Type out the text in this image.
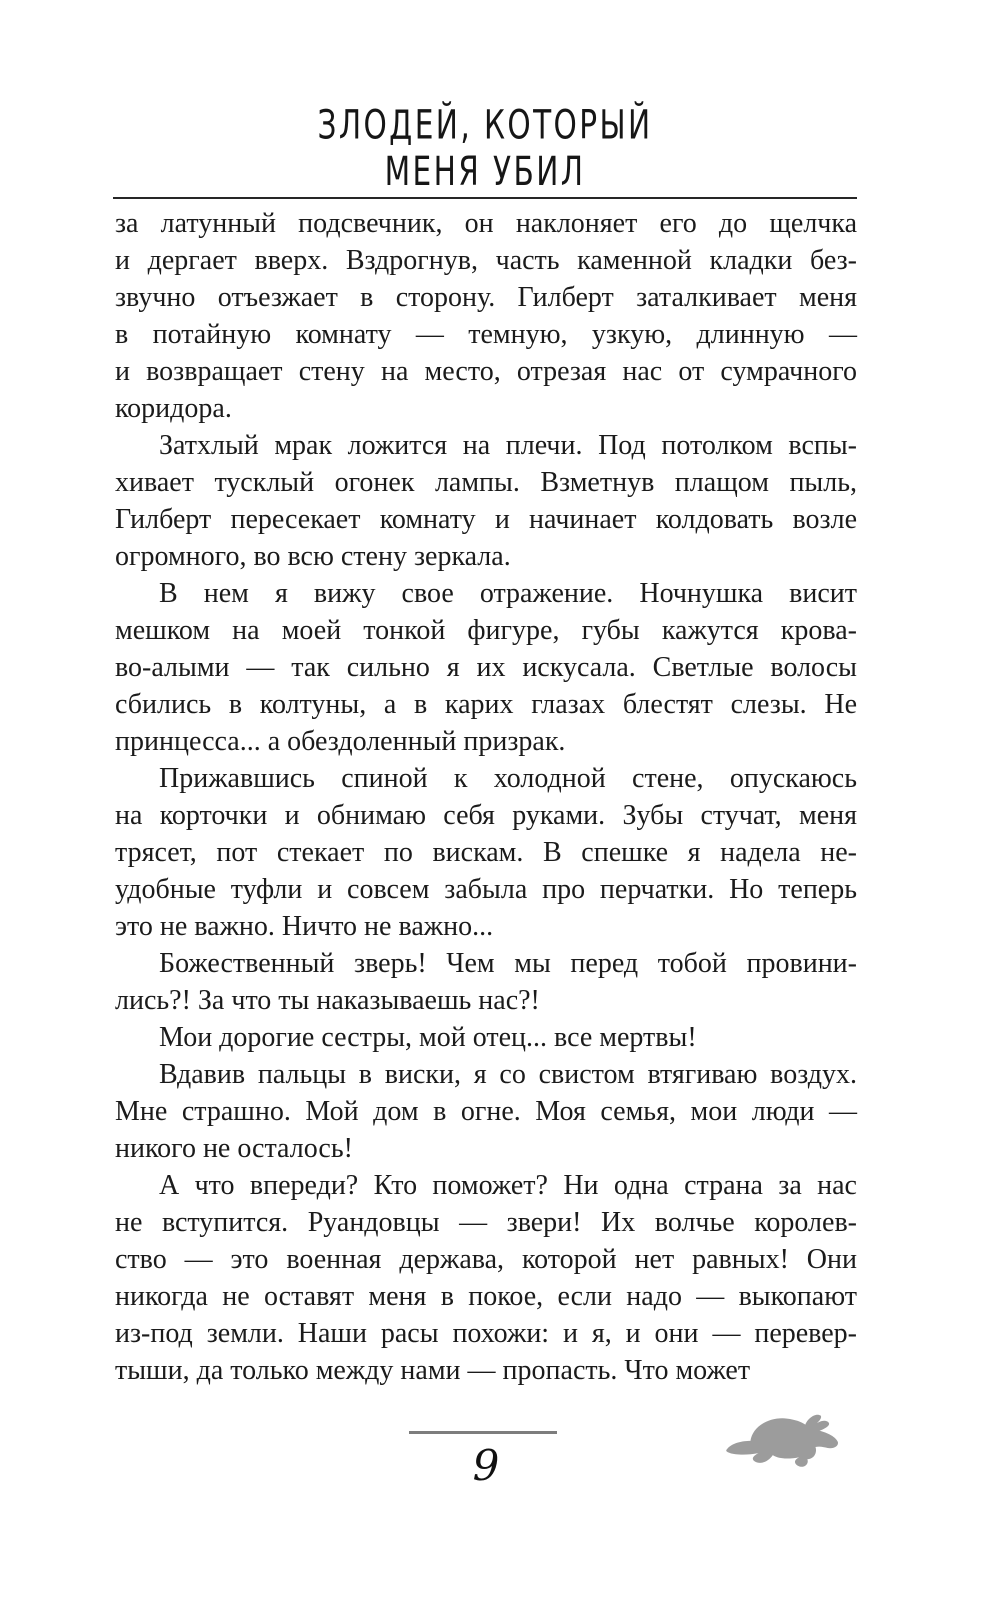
ЗЛОДЕЙ, КОТОРЫЙ
МЕНЯ УБИЛ
за латунный подсвечник, он наклоняет его до щелчка
и дергает вверх. Вздрогнув, часть каменной кладки без-
звучно отъезжает в сторону. Гилберт заталкивает меня
в потайную комнату — темную, узкую, длинную —
и возвращает стену на место, отрезая нас от сумрачного
коридора.
Затхлый мрак ложится на плечи. Под потолком вспы-
хивает тусклый огонек лампы. Взметнув плащом пыль,
Гилберт пересекает комнату и начинает колдовать возле
огромного, во всю стену зеркала.
В нем я вижу свое отражение. Ночнушка висит
мешком на моей тонкой фигуре, губы кажутся крова-
во-алыми — так сильно я их искусала. Светлые волосы
сбились в колтуны, а в карих глазах блестят слезы. Не
принцесса... а обездоленный призрак.
Прижавшись спиной к холодной стене, опускаюсь
на корточки и обнимаю себя руками. Зубы стучат, меня
трясет, пот стекает по вискам. В спешке я надела не-
удобные туфли и совсем забыла про перчатки. Но теперь
это не важно. Ничто не важно...
Божественный зверь! Чем мы перед тобой провини-
лись?! За что ты наказываешь нас?!
Мои дорогие сестры, мой отец... все мертвы!
Вдавив пальцы в виски, я со свистом втягиваю воздух.
Мне страшно. Мой дом в огне. Моя семья, мои люди —
никого не осталось!
А что впереди? Кто поможет? Ни одна страна за нас
не вступится. Руандовцы — звери! Их волчье королев-
ство — это военная держава, которой нет равных! Они
никогда не оставят меня в покое, если надо — выкопают
из-под земли. Наши расы похожи: и я, и они — перевер-
тыши, да только между нами — пропасть. Что может
9
